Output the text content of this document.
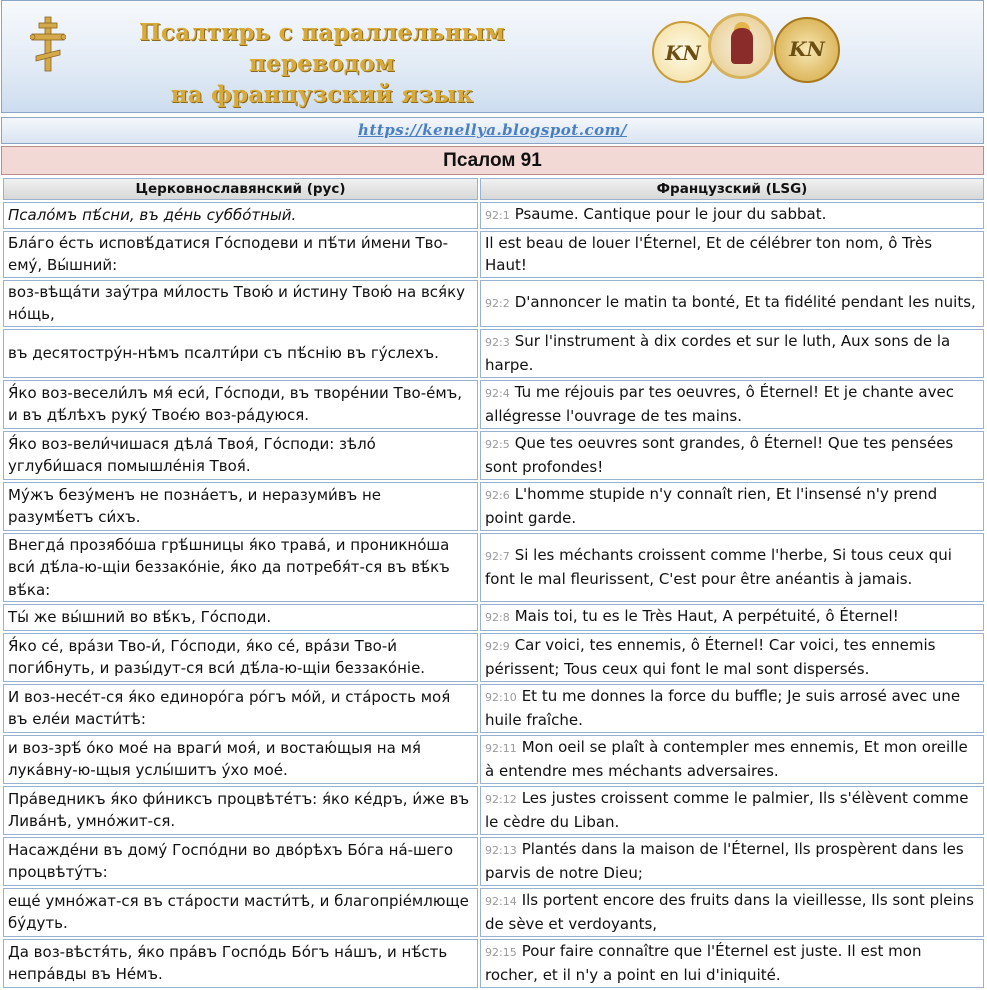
Псалтирь с параллельным переводом
на французский язык
KN	KN
https://kenellya.blogspot.com/
Псалом 91
Церковнославянский (рус)	Французский (LSG)
Псало́мъ пѣ́сни, въ де́нь суббо́тный.	92:1 Psaume. Cantique pour le jour du sabbat.
Бла́го е́сть исповѣ́датися Го́сподеви и пѣ́ти и́мени Тво-ему́, Вы́шний:	Il est beau de louer l'Éternel, Et de célébrer ton nom, ô Très Haut!
воз-вѣща́ти зау́тра ми́лость Твою́ и и́стину Твою́ на вся́ку но́щь,	92:2 D'annoncer le matin ta bonté, Et ta fidélité pendant les nuits,
въ десятостру́н-нѣмъ псалти́ри съ пѣ́снію въ гу́слехъ.	92:3 Sur l'instrument à dix cordes et sur le luth, Aux sons de la harpe.
Я́ко воз-весели́лъ мя́ еси́, Го́споди, въ творе́нии Тво-е́мъ, и въ дѣ́лѣхъ руку́ Твоє́ю воз-ра́дуюся.	92:4 Tu me réjouis par tes oeuvres, ô Éternel! Et je chante avec allégresse l'ouvrage de tes mains.
Я́ко воз-вели́чишася дѣла́ Твоя́, Го́споди: зѣло́ углуби́шася помышле́нія Твоя́.	92:5 Que tes oeuvres sont grandes, ô Éternel! Que tes pensées sont profondes!
Му́жъ безу́менъ не позна́етъ, и неразуми́въ не разумѣ́етъ си́хъ.	92:6 L'homme stupide n'y connaît rien, Et l'insensé n'y prend point garde.
Внегда́ прозябо́ша грѣ́шницы я́ко трава́, и проникно́ша вси́ дѣ́ла-ю-щіи беззако́ніе, я́ко да потребя́т-ся въ вѣ́къ вѣ́ка:	92:7 Si les méchants croissent comme l'herbe, Si tous ceux qui font le mal fleurissent, C'est pour être anéantis à jamais.
Ты́ же вы́шний во вѣ́къ, Го́споди.	92:8 Mais toi, tu es le Très Haut, A perpétuité, ô Éternel!
Я́ко се́, вра́зи Тво-и́, Го́споди, я́ко се́, вра́зи Тво-и́ поги́бнуть, и разы́дут-ся вси́ дѣ́ла-ю-щіи беззако́ніе.	92:9 Car voici, tes ennemis, ô Éternel! Car voici, tes ennemis périssent; Tous ceux qui font le mal sont dispersés.
И воз-несе́т-ся я́ко единоро́га ро́гъ мо́й, и ста́рость моя́ въ еле́и масти́тѣ:	92:10 Et tu me donnes la force du buffle; Je suis arrosé avec une huile fraîche.
и воз-зрѣ́ о́ко мое́ на враги́ моя́, и востаю́щыя на мя́ лука́вну-ю-щыя услы́шитъ у́хо мое́.	92:11 Mon oeil se plaît à contempler mes ennemis, Et mon oreille à entendre mes méchants adversaires.
Пра́ведникъ я́ко фи́никсъ процвѣте́тъ: я́ко ке́дръ, и́же въ Лива́нѣ, умно́жит-ся.	92:12 Les justes croissent comme le palmier, Ils s'élèvent comme le cèdre du Liban.
Насажде́ни въ дому́ Госпо́дни во дво́рѣхъ Бо́га на́-шего процвѣту́тъ:	92:13 Plantés dans la maison de l'Éternel, Ils prospèrent dans les parvis de notre Dieu;
еще́ умно́жат-ся въ ста́рости масти́тѣ, и благопріе́млюще бу́дуть.	92:14 Ils portent encore des fruits dans la vieillesse, Ils sont pleins de sève et verdoyants,
Да воз-вѣстя́ть, я́ко пра́въ Госпо́дь Бо́гъ на́шъ, и нѣ́сть непра́вды въ Не́мъ.	92:15 Pour faire connaître que l'Éternel est juste. Il est mon rocher, et il n'y a point en lui d'iniquité.
